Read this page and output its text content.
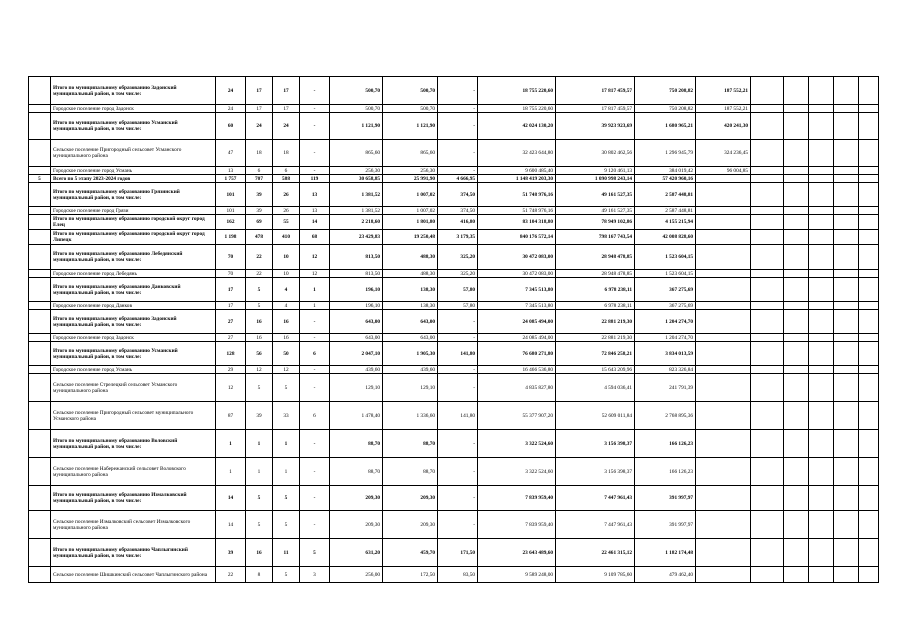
	Итого по муниципальному образованию Задонский муниципальный район, в том числе:	24	17	17	-	500,70	500,70	-	18 755 220,60	17 817 459,57	750 208,82	187 552,21					
	Городское поселение город Задонск	24	17	17	-	500,70	500,70	-	18 755 220,60	17 817 459,57	750 208,82	187 552,21					
	Итого по муниципальному образованию Усманский муниципальный район, в том числе:	60	24	24	-	1 121,90	1 121,90	-	42 024 130,20	39 923 923,69	1 680 965,21	420 241,30					
	Сельское поселение Пригородный сельсовет Усманского муниципального района	47	18	18	-	865,60	865,60	-	32 423 644,80	30 802 462,56	1 296 945,79	324 236,45					
	Городское поселение город Усмань	13	6	6	-	256,30	256,30	-	9 600 485,40	9 120 461,13	384 019,42	96 004,85					
5	Всего по 5 этапу 2023-2024 годов	1 757	707	588	119	30 658,85	25 991,90	4 666,95	1 148 419 203,30	1 090 998 243,14	57 420 960,16						
	Итого по муниципальному образованию Грязинский муниципальный район, в том числе:	101	39	26	13	1 381,52	1 007,02	374,50	51 748 976,16	49 161 527,35	2 587 448,81						
	Городское поселение город Грязи	101	39	26	13	1 381,52	1 007,02	374,50	51 748 976,16	49 161 527,35	2 587 448,81						
	Итого по муниципальному образованию городской округ город Елец	162	69	55	14	2 218,60	1 801,80	416,80	83 104 318,80	78 949 102,86	4 155 215,94						
	Итого по муниципальному образованию городской округ город Липецк	1 198	478	410	68	23 429,83	19 250,48	3 179,35	840 176 572,14	798 167 743,54	42 008 828,60						
	Итого по муниципальному образованию Лебедянский муниципальный район, в том числе:	70	22	10	12	813,50	488,30	325,20	30 472 083,00	28 948 478,85	1 523 604,15						
	Городское поселение город Лебедянь	70	22	10	12	813,50	488,30	325,20	30 472 083,00	28 948 478,85	1 523 604,15						
	Итого по муниципальному образованию Данковский муниципальный район, в том числе:	17	5	4	1	196,10	138,30	57,80	7 345 513,80	6 978 238,11	367 275,69						
	Городское поселение город Данков	17	5	4	1	196,10	138,30	57,80	7 345 513,80	6 978 238,11	367 275,69						
	Итого по муниципальному образованию Задонский муниципальный район, в том числе:	27	16	16	-	643,00	643,00	-	24 085 494,00	22 881 219,30	1 204 274,70						
	Городское поселение город Задонск	27	16	16	-	643,00	643,00	-	24 085 494,00	22 881 219,30	1 204 274,70						
	Итого по муниципальному образованию Усманский муниципальный район, в том числе:	128	56	50	6	2 047,10	1 905,30	141,80	76 680 271,80	72 846 258,21	3 834 013,59						
	Городское поселение город Усмань	29	12	12	-	439,60	439,60	-	16 466 536,80	15 643 209,96	823 326,84						
	Сельское поселение Стрелецкий сельсовет Усманского муниципального района	12	5	5	-	129,10	129,10	-	4 835 827,80	4 594 036,41	241 791,39						
	Сельское поселение Пригородный сельсовет муниципального Усманского района	87	39	33	6	1 478,40	1 336,60	141,80	55 377 907,20	52 609 011,84	2 768 895,36						
	Итого по муниципальному образованию Воловский муниципальный район, в том числе:	1	1	1	-	88,70	88,70	-	3 322 524,60	3 156 398,37	166 126,23						
	Сельское поселение Набережанский сельсовет Воловского муниципального района	1	1	1	-	88,70	88,70	-	3 322 524,60	3 156 398,37	166 126,23						
	Итого по муниципальному образованию Измалковский муниципальный район, в том числе:	14	5	5	-	209,30	209,30	-	7 839 959,40	7 447 961,43	391 997,97						
	Сельское поселение Измалковский сельсовет Измалковского муниципального района	14	5	5	-	209,30	209,30	-	7 839 959,40	7 447 961,43	391 997,97						
	Итого по муниципальному образованию Чаплыгинский муниципальный район, в том числе:	39	16	11	5	631,20	459,70	171,50	23 643 489,60	22 461 315,12	1 182 174,48						
	Сельское поселение Шишкинский сельсовет Чаплыгинского района	22	8	5	3	256,00	172,50	83,50	9 589 248,00	9 109 785,60	479 462,40						
